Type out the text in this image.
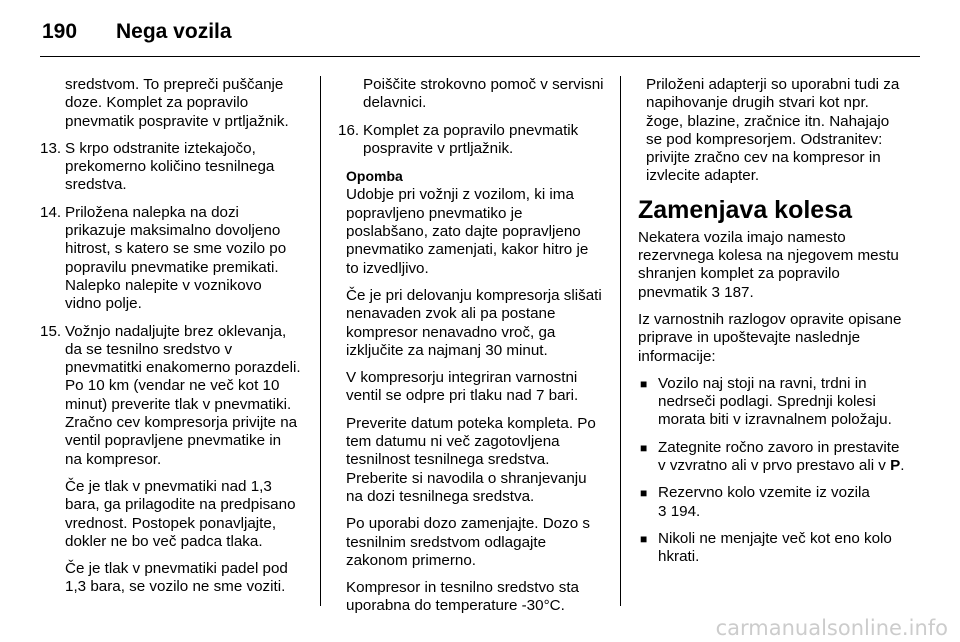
190 Nega vozila

sredstvom. To prepreči puščanje doze. Komplet za popravilo pnevmatik pospravite v prtljažnik.

13. S krpo odstranite iztekajočo, prekomerno količino tesnilnega sredstva.

14. Priložena nalepka na dozi prikazuje maksimalno dovoljeno hitrost, s katero se sme vozilo po popravilu pnevmatike premikati. Nalepko nalepite v voznikovo vidno polje.

15. Vožnjo nadaljujte brez oklevanja, da se tesnilno sredstvo v pnevmatitki enakomerno porazdeli. Po 10 km (vendar ne več kot 10 minut) preverite tlak v pnevmatiki. Zračno cev kompresorja privijte na ventil popravljene pnevmatike in na kompresor.

Če je tlak v pnevmatiki nad 1,3 bara, ga prilagodite na predpisano vrednost. Postopek ponavljajte, dokler ne bo več padca tlaka.

Če je tlak v pnevmatiki padel pod 1,3 bara, se vozilo ne sme voziti.

Poiščite strokovno pomoč v servisni delavnici.

16. Komplet za popravilo pnevmatik pospravite v prtljažnik.

Opomba

Udobje pri vožnji z vozilom, ki ima popravljeno pnevmatiko je poslabšano, zato dajte popravljeno pnevmatiko zamenjati, kakor hitro je to izvedljivo.

Če je pri delovanju kompresorja slišati nenavaden zvok ali pa postane kompresor nenavadno vroč, ga izključite za najmanj 30 minut.

V kompresorju integriran varnostni ventil se odpre pri tlaku nad 7 bari.

Preverite datum poteka kompleta. Po tem datumu ni več zagotovljena tesnilnost tesnilnega sredstva. Preberite si navodila o shranjevanju na dozi tesnilnega sredstva.

Po uporabi dozo zamenjajte. Dozo s tesnilnim sredstvom odlagajte zakonom primerno.

Kompresor in tesnilno sredstvo sta uporabna do temperature -30°C.

Priloženi adapterji so uporabni tudi za napihovanje drugih stvari kot npr. žoge, blazine, zračnice itn. Nahajajo se pod kompresorjem. Odstranitev: privijte zračno cev na kompresor in izvlecite adapter.

Zamenjava kolesa

Nekatera vozila imajo namesto rezervnega kolesa na njegovem mestu shranjen komplet za popravilo pnevmatik 3 187.

Iz varnostnih razlogov opravite opisane priprave in upoštevajte naslednje informacije:

■ Vozilo naj stoji na ravni, trdni in nedrseči podlagi. Sprednji kolesi morata biti v izravnalnem položaju.
■ Zategnite ročno zavoro in prestavite v vzvratno ali v prvo prestavo ali v P.
■ Rezervno kolo vzemite iz vozila
3 194.
■ Nikoli ne menjajte več kot eno kolo hkrati.
carmanualsonline.info
